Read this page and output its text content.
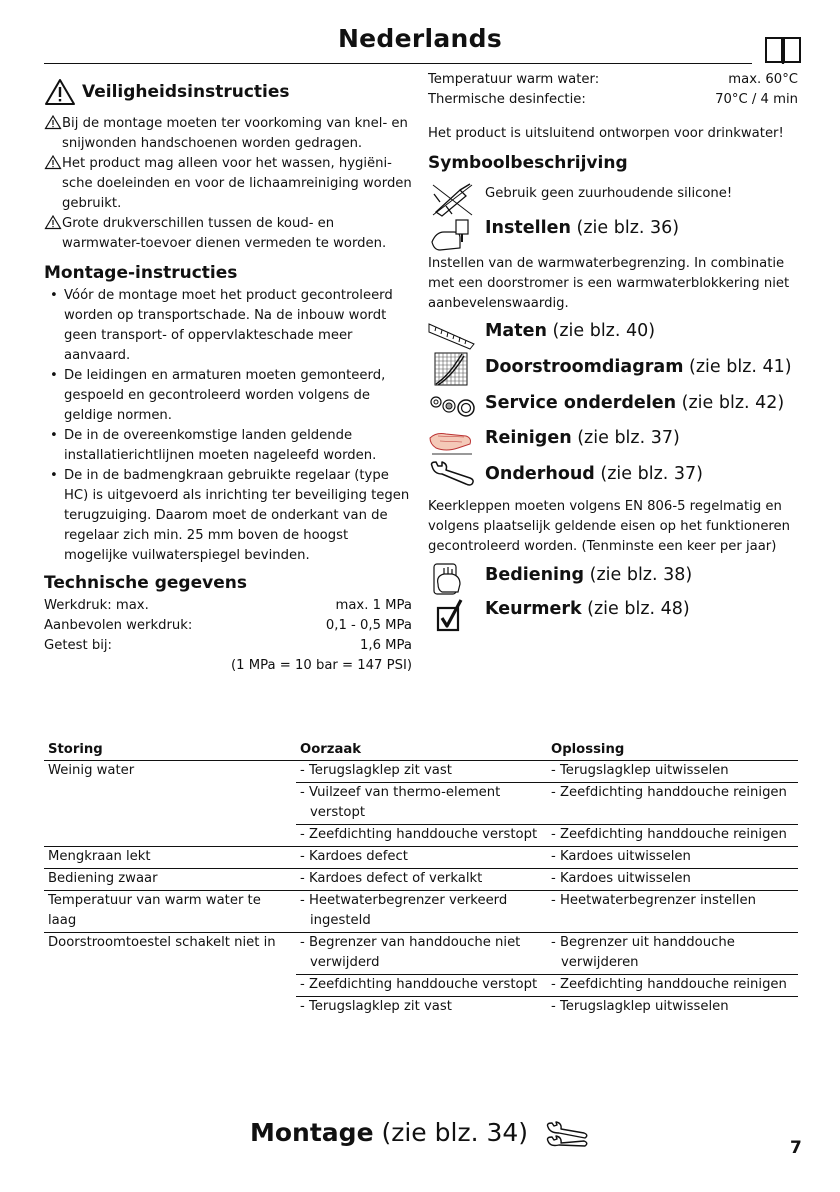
Nederlands
Veiligheidsinstructies
Bij de montage moeten ter voorkoming van knel- en snijwonden handschoenen worden gedragen.
Het product mag alleen voor het wassen, hygiëni-sche doeleinden en voor de lichaamreiniging worden gebruikt.
Grote drukverschillen tussen de koud- en warmwater-toevoer dienen vermeden te worden.
Montage-instructies
• Vóór de montage moet het product gecontroleerd worden op transportschade. Na de inbouw wordt geen transport- of oppervlakteschade meer aanvaard.
• De leidingen en armaturen moeten gemonteerd, gespoeld en gecontroleerd worden volgens de geldige normen.
• De in de overeenkomstige landen geldende installatierichtlijnen moeten nageleefd worden.
• De in de badmengkraan gebruikte regelaar (type HC) is uitgevoerd als inrichting ter beveiliging tegen terugzuiging. Daarom moet de onderkant van de regelaar zich min. 25 mm boven de hoogst mogelijke vuilwaterspiegel bevinden.
Technische gegevens
Werkdruk: max.	max. 1 MPa
Aanbevolen werkdruk:	0,1 - 0,5 MPa
Getest bij:	1,6 MPa
(1 MPa = 10 bar = 147 PSI)
Temperatuur warm water:	max. 60°C
Thermische desinfectie:	70°C / 4 min
Het product is uitsluitend ontworpen voor drinkwater!
Symboolbeschrijving
Gebruik geen zuurhoudende silicone!
Instellen (zie blz. 36)
Instellen van de warmwaterbegrenzing. In combinatie met een doorstromer is een warmwaterblokkering niet aanbevelenswaardig.
Maten (zie blz. 40)
Doorstroomdiagram (zie blz. 41)
Service onderdelen (zie blz. 42)
Reinigen (zie blz. 37)
Onderhoud (zie blz. 37)
Keerkleppen moeten volgens EN 806-5 regelmatig en volgens plaatselijk geldende eisen op het funktioneren gecontroleerd worden. (Tenminste een keer per jaar)
Bediening (zie blz. 38)
Keurmerk (zie blz. 48)
Storing	Oorzaak	Oplossing
Weinig water	- Terugslagklep zit vast	- Terugslagklep uitwisselen
	- Vuilzeef van thermo-element verstopt	- Zeefdichting handdouche reinigen
	- Zeefdichting handdouche verstopt	- Zeefdichting handdouche reinigen
Mengkraan lekt	- Kardoes defect	- Kardoes uitwisselen
Bediening zwaar	- Kardoes defect of verkalkt	- Kardoes uitwisselen
Temperatuur van warm water te laag	- Heetwaterbegrenzer verkeerd ingesteld	- Heetwaterbegrenzer instellen
Doorstroomtoestel schakelt niet in	- Begrenzer van handdouche niet verwijderd	- Begrenzer uit handdouche verwijderen
	- Zeefdichting handdouche verstopt	- Zeefdichting handdouche reinigen
	- Terugslagklep zit vast	- Terugslagklep uitwisselen
Montage (zie blz. 34)
7
